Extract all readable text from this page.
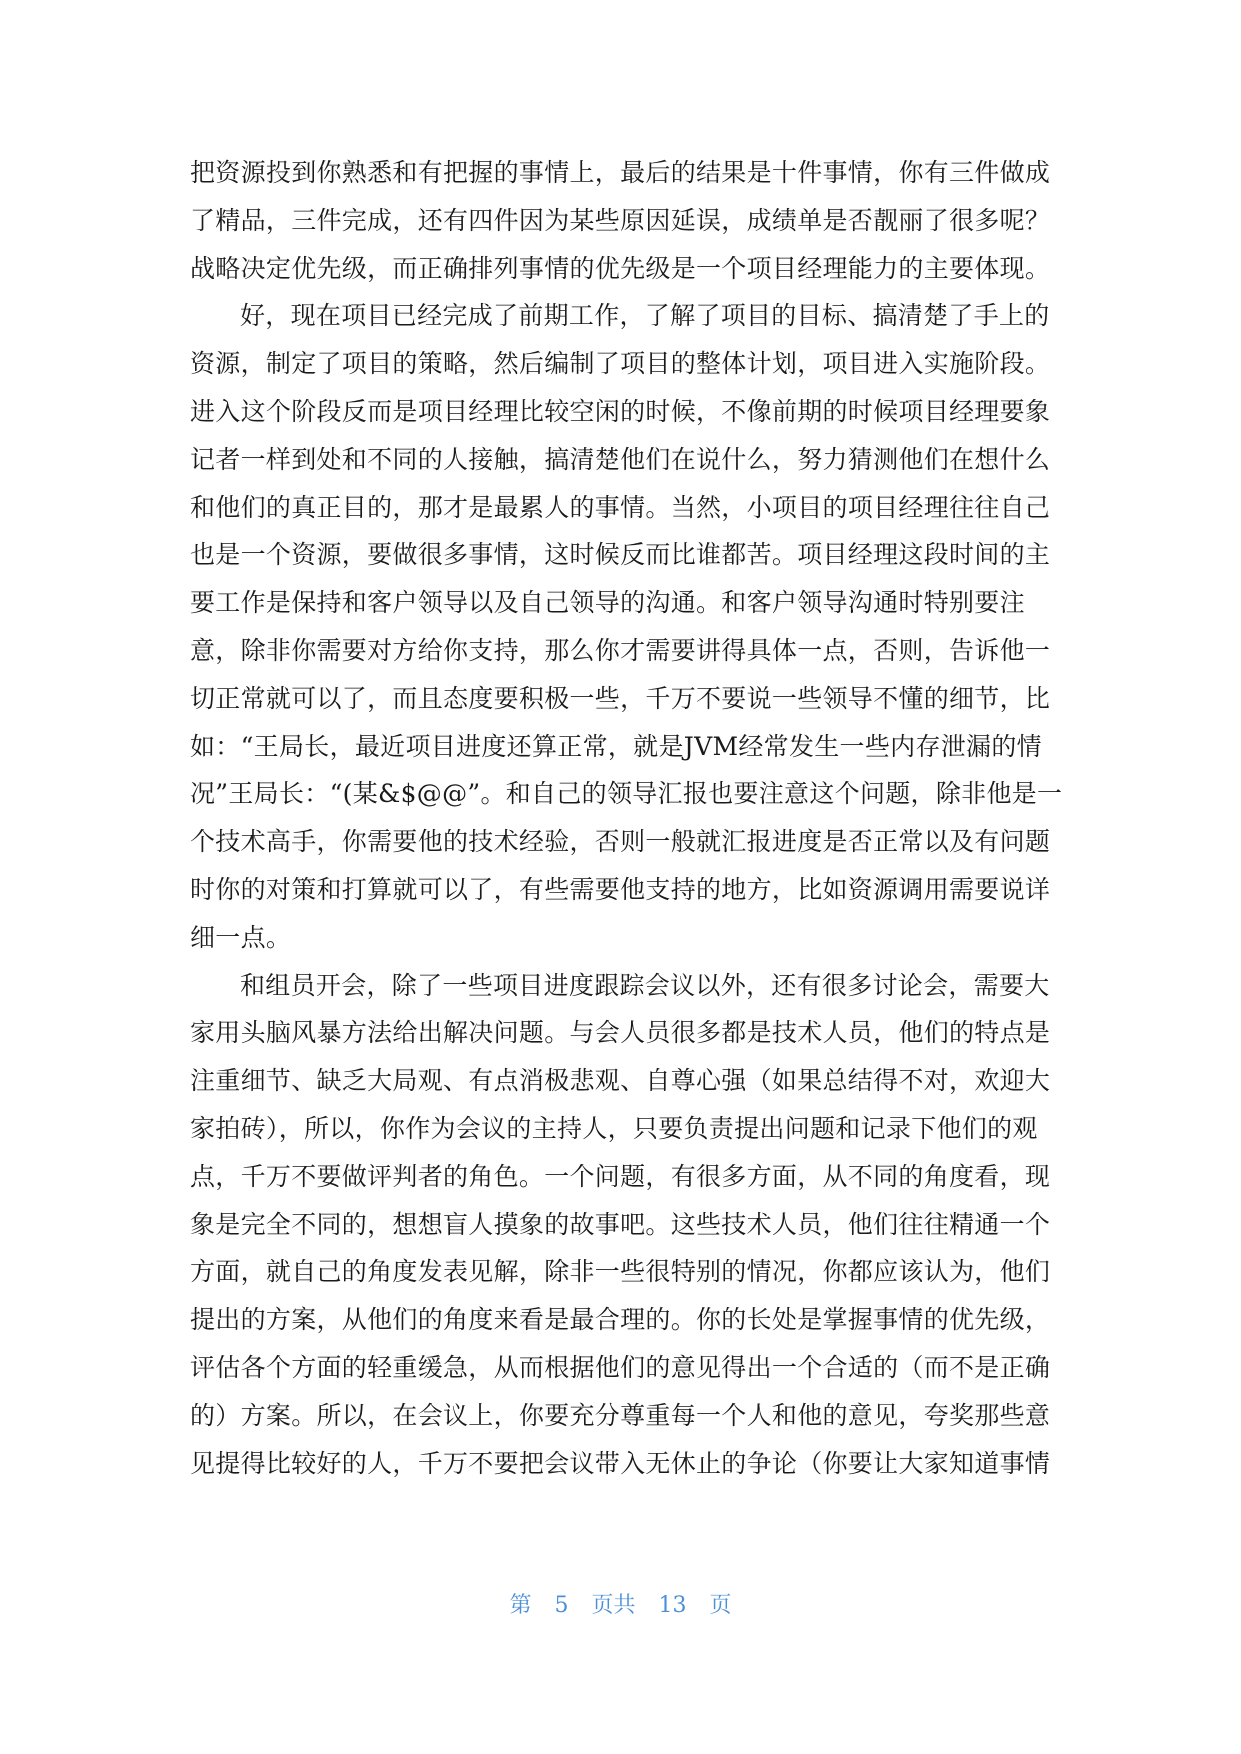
把资源投到你熟悉和有把握的事情上，最后的结果是十件事情，你有三件做成
了精品，三件完成，还有四件因为某些原因延误，成绩单是否靓丽了很多呢？
战略决定优先级，而正确排列事情的优先级是一个项目经理能力的主要体现。
好，现在项目已经完成了前期工作，了解了项目的目标、搞清楚了手上的
资源，制定了项目的策略，然后编制了项目的整体计划，项目进入实施阶段。
进入这个阶段反而是项目经理比较空闲的时候，不像前期的时候项目经理要象
记者一样到处和不同的人接触，搞清楚他们在说什么，努力猜测他们在想什么
和他们的真正目的，那才是最累人的事情。当然，小项目的项目经理往往自己
也是一个资源，要做很多事情，这时候反而比谁都苦。项目经理这段时间的主
要工作是保持和客户领导以及自己领导的沟通。和客户领导沟通时特别要注
意，除非你需要对方给你支持，那么你才需要讲得具体一点，否则，告诉他一
切正常就可以了，而且态度要积极一些，千万不要说一些领导不懂的细节，比
如：“王局长，最近项目进度还算正常，就是JVM经常发生一些内存泄漏的情
况”王局长：“(某&$@@”。和自己的领导汇报也要注意这个问题，除非他是一
个技术高手，你需要他的技术经验，否则一般就汇报进度是否正常以及有问题
时你的对策和打算就可以了，有些需要他支持的地方，比如资源调用需要说详
细一点。
和组员开会，除了一些项目进度跟踪会议以外，还有很多讨论会，需要大
家用头脑风暴方法给出解决问题。与会人员很多都是技术人员，他们的特点是
注重细节、缺乏大局观、有点消极悲观、自尊心强（如果总结得不对，欢迎大
家拍砖），所以，你作为会议的主持人，只要负责提出问题和记录下他们的观
点，千万不要做评判者的角色。一个问题，有很多方面，从不同的角度看，现
象是完全不同的，想想盲人摸象的故事吧。这些技术人员，他们往往精通一个
方面，就自己的角度发表见解，除非一些很特别的情况，你都应该认为，他们
提出的方案，从他们的角度来看是最合理的。你的长处是掌握事情的优先级，
评估各个方面的轻重缓急，从而根据他们的意见得出一个合适的（而不是正确
的）方案。所以，在会议上，你要充分尊重每一个人和他的意见，夸奖那些意
见提得比较好的人，千万不要把会议带入无休止的争论（你要让大家知道事情
第 5 页共 13 页
